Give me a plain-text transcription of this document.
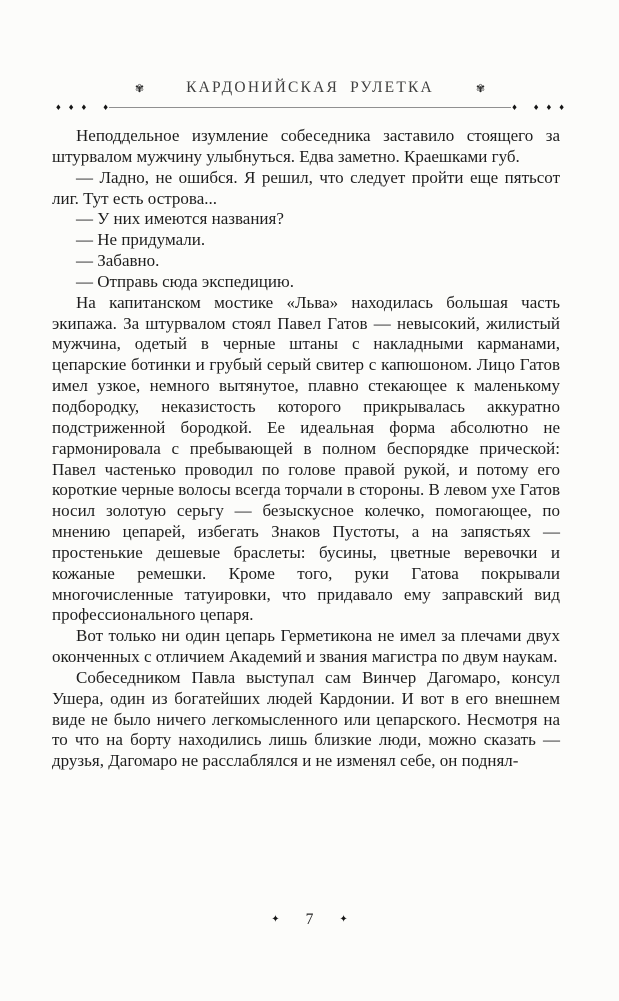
✾	КАРДОНИЙСКАЯ РУЛЕТКА	✾
♦ ♦ ♦ ♦	♦ ♦ ♦ ♦

Неподдельное изумление собеседника заставило стоящего за штурвалом мужчину улыбнуться. Едва заметно. Краешками губ.

— Ладно, не ошибся. Я решил, что следует пройти еще пятьсот лиг. Тут есть острова...

— У них имеются названия?

— Не придумали.

— Забавно.

— Отправь сюда экспедицию.

На капитанском мостике «Льва» находилась большая часть экипажа. За штурвалом стоял Павел Гатов — невысокий, жилистый мужчина, одетый в черные штаны с накладными карманами, цепарские ботинки и грубый серый свитер с капюшоном. Лицо Гатов имел узкое, немного вытянутое, плавно стекающее к маленькому подбородку, неказистость которого прикрывалась аккуратно подстриженной бородкой. Ее идеальная форма абсолютно не гармонировала с пребывающей в полном беспорядке прической: Павел частенько проводил по голове правой рукой, и потому его короткие черные волосы всегда торчали в стороны. В левом ухе Гатов носил золотую серьгу — безыскусное колечко, помогающее, по мнению цепарей, избегать Знаков Пустоты, а на запястьях — простенькие дешевые браслеты: бусины, цветные веревочки и кожаные ремешки. Кроме того, руки Гатова покрывали многочисленные татуировки, что придавало ему заправский вид профессионального цепаря.

Вот только ни один цепарь Герметикона не имел за плечами двух оконченных с отличием Академий и звания магистра по двум наукам.

Собеседником Павла выступал сам Винчер Дагомаро, консул Ушера, один из богатейших людей Кардонии. И вот в его внешнем виде не было ничего легкомысленного или цепарского. Несмотря на то что на борту находились лишь близкие люди, можно сказать — друзья, Дагомаро не расслаблялся и не изменял себе, он поднял-

✦ 7	✦
